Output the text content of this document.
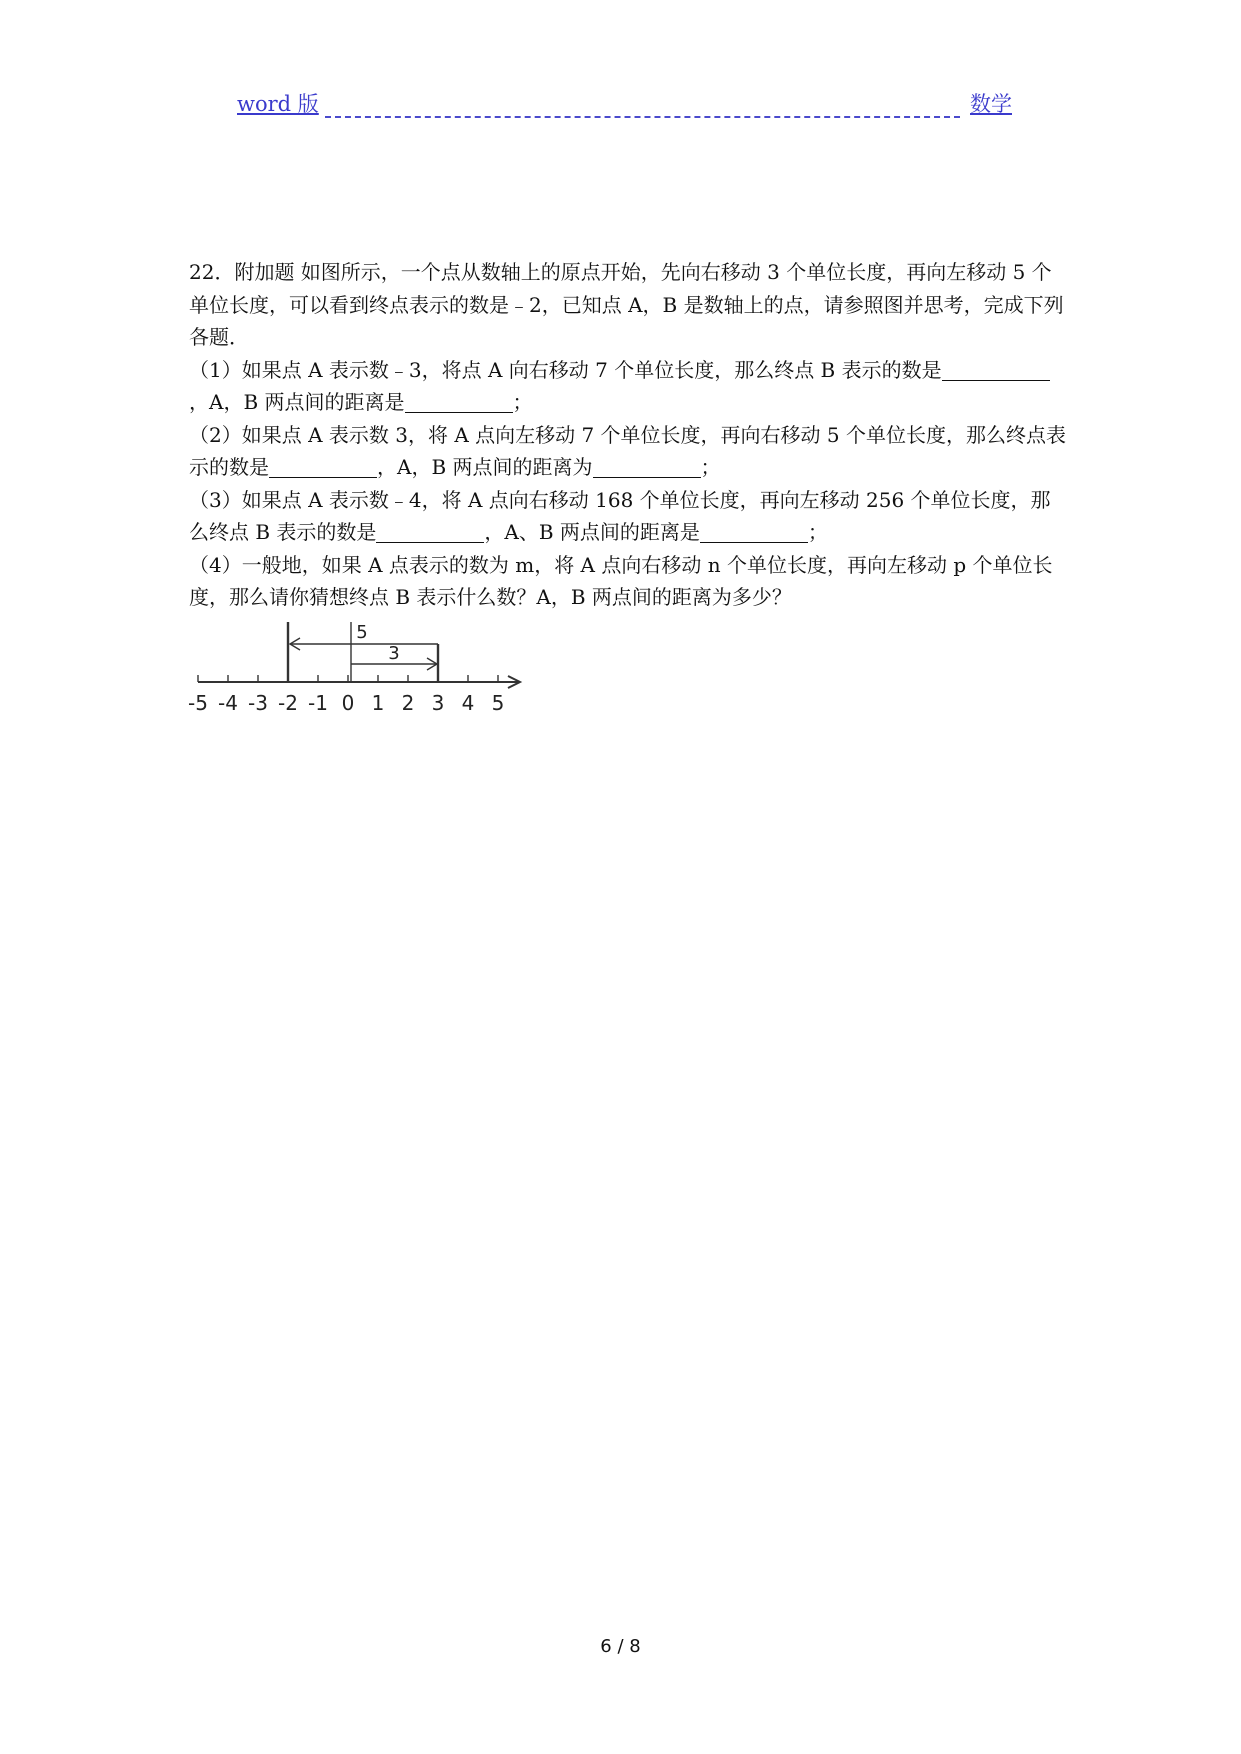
word 版	数学

22．附加题 如图所示，一个点从数轴上的原点开始，先向右移动 3 个单位长度，再向左移动 5 个单位长度，可以看到终点表示的数是﹣2，已知点 A，B 是数轴上的点，请参照图并思考，完成下列各题．

（1）如果点 A 表示数﹣3，将点 A 向右移动 7 个单位长度，那么终点 B 表示的数是，A，B 两点间的距离是	；

（2）如果点 A 表示数 3，将 A 点向左移动 7 个单位长度，再向右移动 5 个单位长度，那么终点表示的数是	，A，B 两点间的距离为	；

（3）如果点 A 表示数﹣4，将 A 点向右移动 168 个单位长度，再向左移动 256 个单位长度，那么终点 B 表示的数是	，A、B 两点间的距离是	；

（4）一般地，如果 A 点表示的数为 m，将 A 点向右移动 n 个单位长度，再向左移动 p 个单位长度，那么请你猜想终点 B 表示什么数？A，B 两点间的距离为多少？

-5 -4 -3 -2 -1 0 1 2 3 4 5
5
3
6 / 8
